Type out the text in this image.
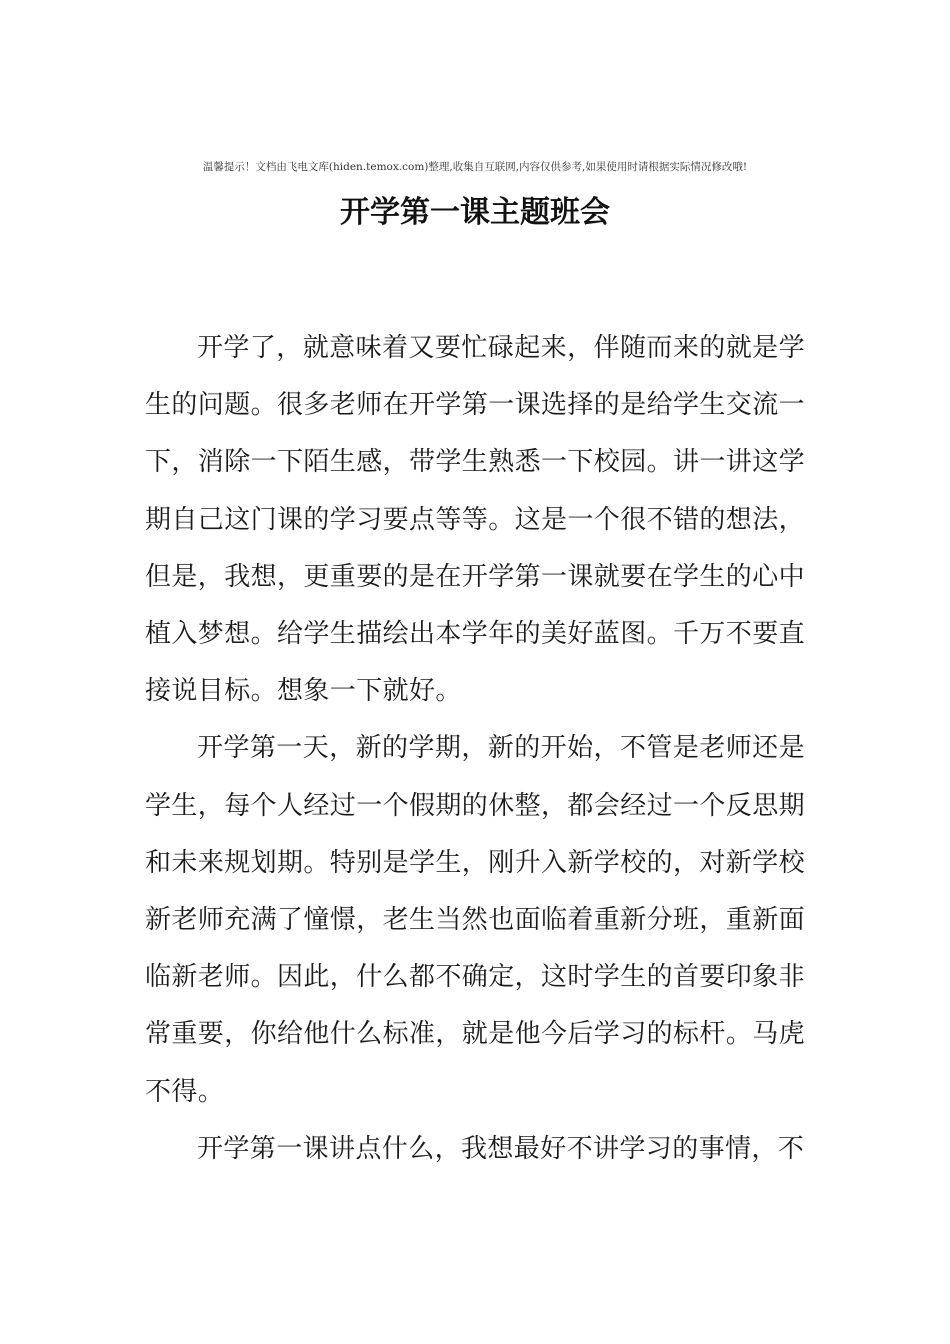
温馨提示！文档由飞电文库(hiden.temox.com)整理,收集自互联网,内容仅供参考,如果使用时请根据实际情况修改哦!
开学第一课主题班会

开学了，就意味着又要忙碌起来，伴随而来的就是学生的问题。很多老师在开学第一课选择的是给学生交流一下，消除一下陌生感，带学生熟悉一下校园。讲一讲这学期自己这门课的学习要点等等。这是一个很不错的想法，但是，我想，更重要的是在开学第一课就要在学生的心中植入梦想。给学生描绘出本学年的美好蓝图。千万不要直接说目标。想象一下就好。

开学第一天，新的学期，新的开始，不管是老师还是学生，每个人经过一个假期的休整，都会经过一个反思期和未来规划期。特别是学生，刚升入新学校的，对新学校新老师充满了憧憬，老生当然也面临着重新分班，重新面临新老师。因此，什么都不确定，这时学生的首要印象非常重要，你给他什么标准，就是他今后学习的标杆。马虎不得。

开学第一课讲点什么，我想最好不讲学习的事情，不
